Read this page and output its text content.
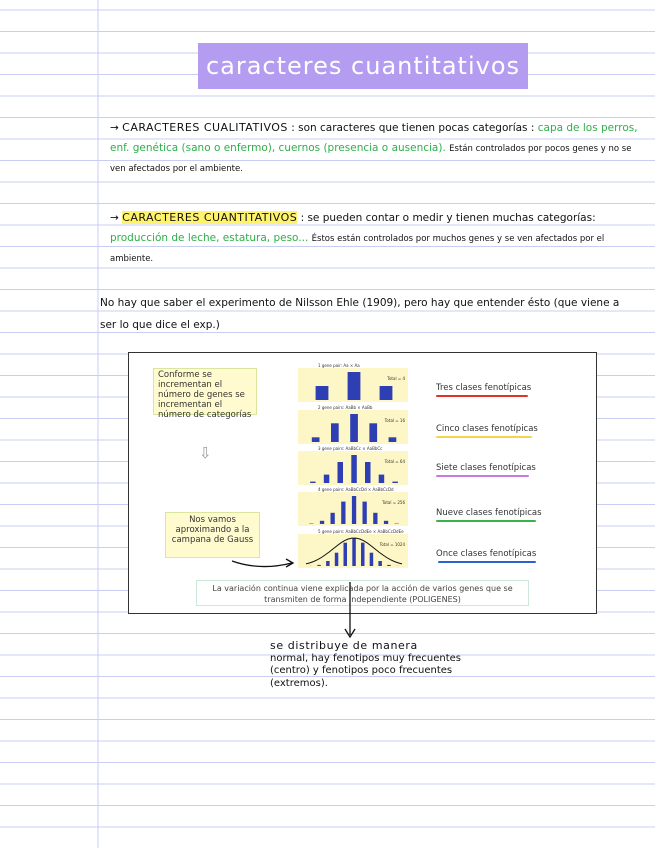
caracteres cuantitativos
→ CARACTERES CUALITATIVOS : son caracteres que tienen pocas categorías : capa de los perros, enf. genética (sano o enfermo), cuernos (presencia o ausencia). Están controlados por pocos genes y no se ven afectados por el ambiente.
→ CARACTERES CUANTITATIVOS : se pueden contar o medir y tienen muchas categorías: producción de leche, estatura, peso... Éstos están controlados por muchos genes y se ven afectados por el ambiente.
No hay que saber el experimento de Nilsson Ehle (1909), pero hay que entender ésto (que viene a ser lo que dice el exp.)
Conforme se incrementan el número de genes se incrementan el número de categorías
⇩
Nos vamos aproximando a la campana de Gauss
1 gene pair: Aa × Aa
Total = 4
2 gene pairs: AaBb × AaBb
Total = 16
3 gene pairs: AaBbCc × AaBbCc
Total = 64
4 gene pairs: AaBbCcDd × AaBbCcDd
Total = 256
5 gene pairs: AaBbCcDdEe × AaBbCcDdEe
Total = 1024
Tres clases fenotípicas
Cinco clases fenotípicas
Siete clases fenotípicas
Nueve clases fenotípicas
Once clases fenotípicas
La variación continua viene explicada por la acción de varios genes que se transmiten de forma independiente (POLIGENES)
se distribuye de manera
normal, hay fenotipos muy frecuentes (centro) y fenotipos poco frecuentes (extremos).
